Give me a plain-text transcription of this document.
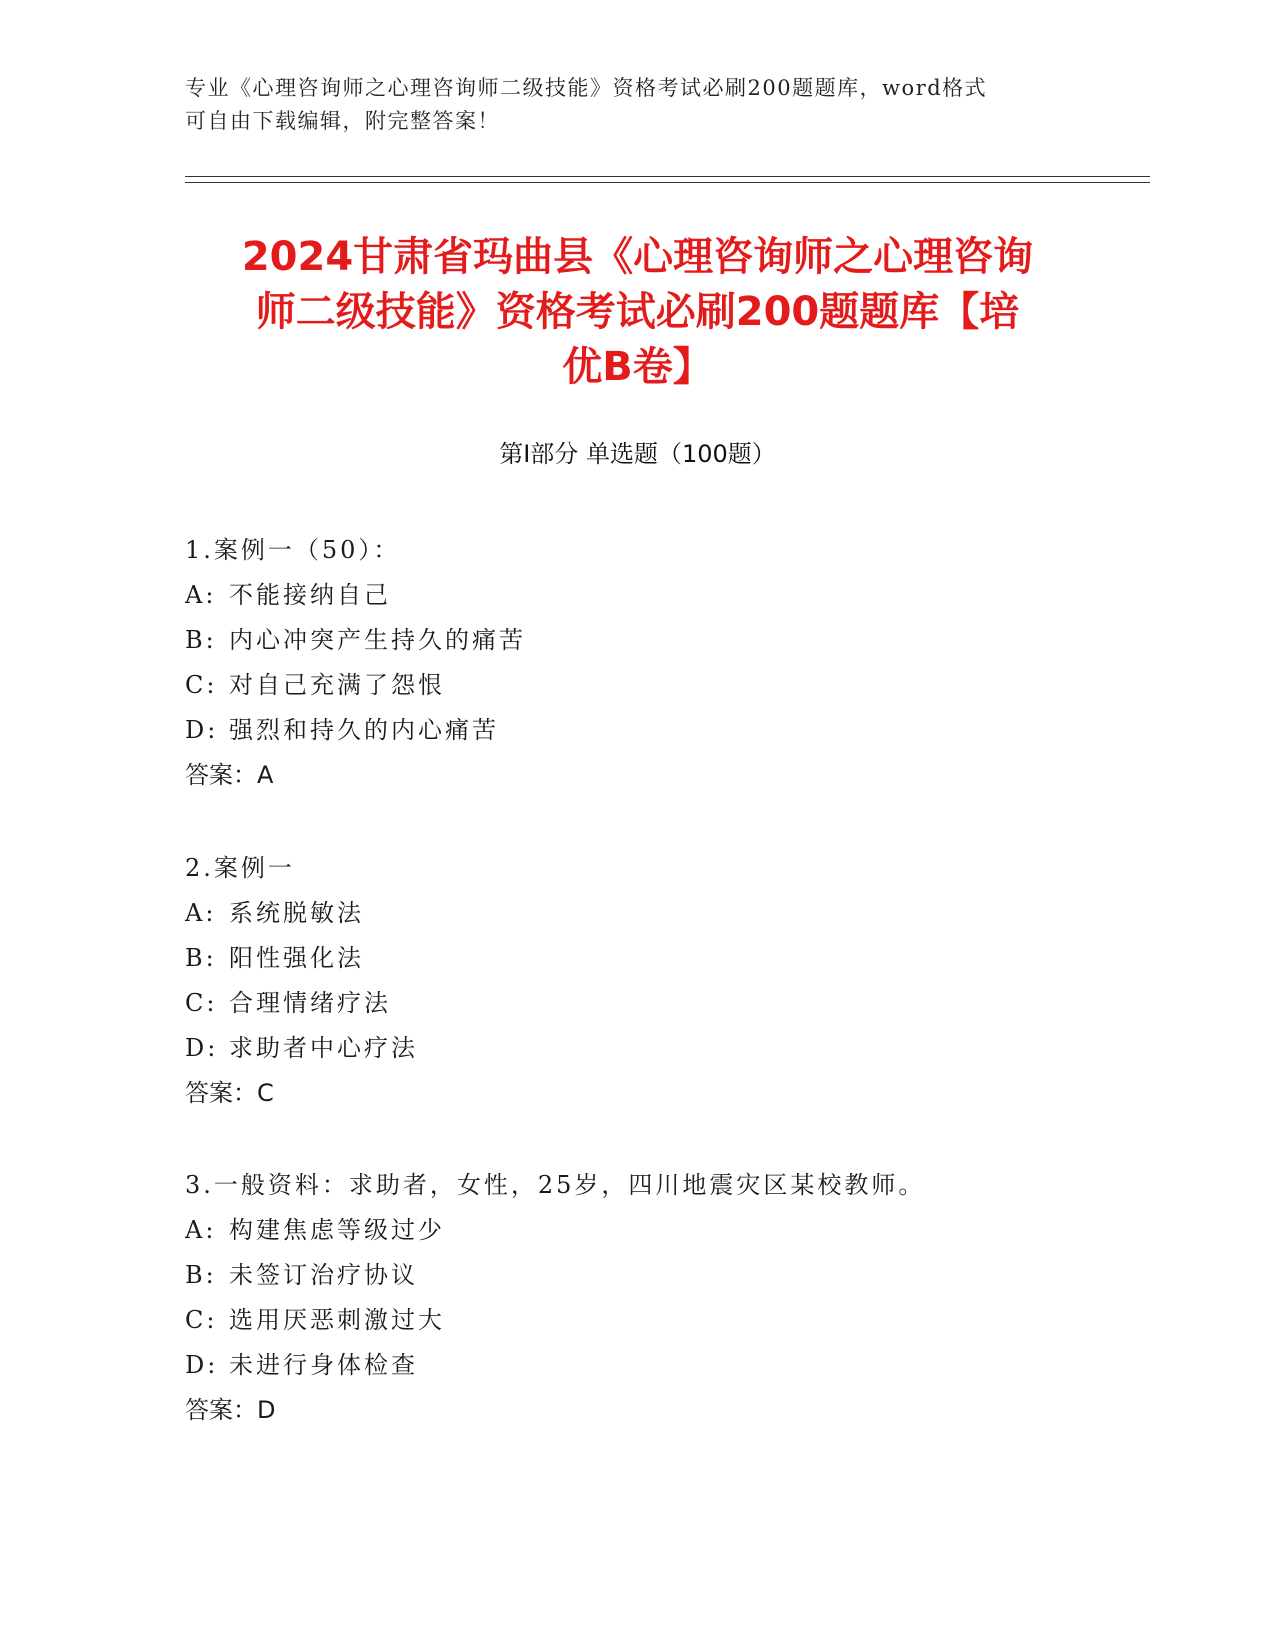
专业《心理咨询师之心理咨询师二级技能》资格考试必刷200题题库，word格式
可自由下载编辑，附完整答案！
2024甘肃省玛曲县《心理咨询师之心理咨询
师二级技能》资格考试必刷200题题库【培
优B卷】
第I部分 单选题（100题）
1.案例一（50）：
A: 不能接纳自己
B: 内心冲突产生持久的痛苦
C: 对自己充满了怨恨
D: 强烈和持久的内心痛苦
答案：A
2.案例一
A: 系统脱敏法
B: 阳性强化法
C: 合理情绪疗法
D: 求助者中心疗法
答案：C
3.一般资料：求助者，女性，25岁，四川地震灾区某校教师。
A: 构建焦虑等级过少
B: 未签订治疗协议
C: 选用厌恶刺激过大
D: 未进行身体检查
答案：D
